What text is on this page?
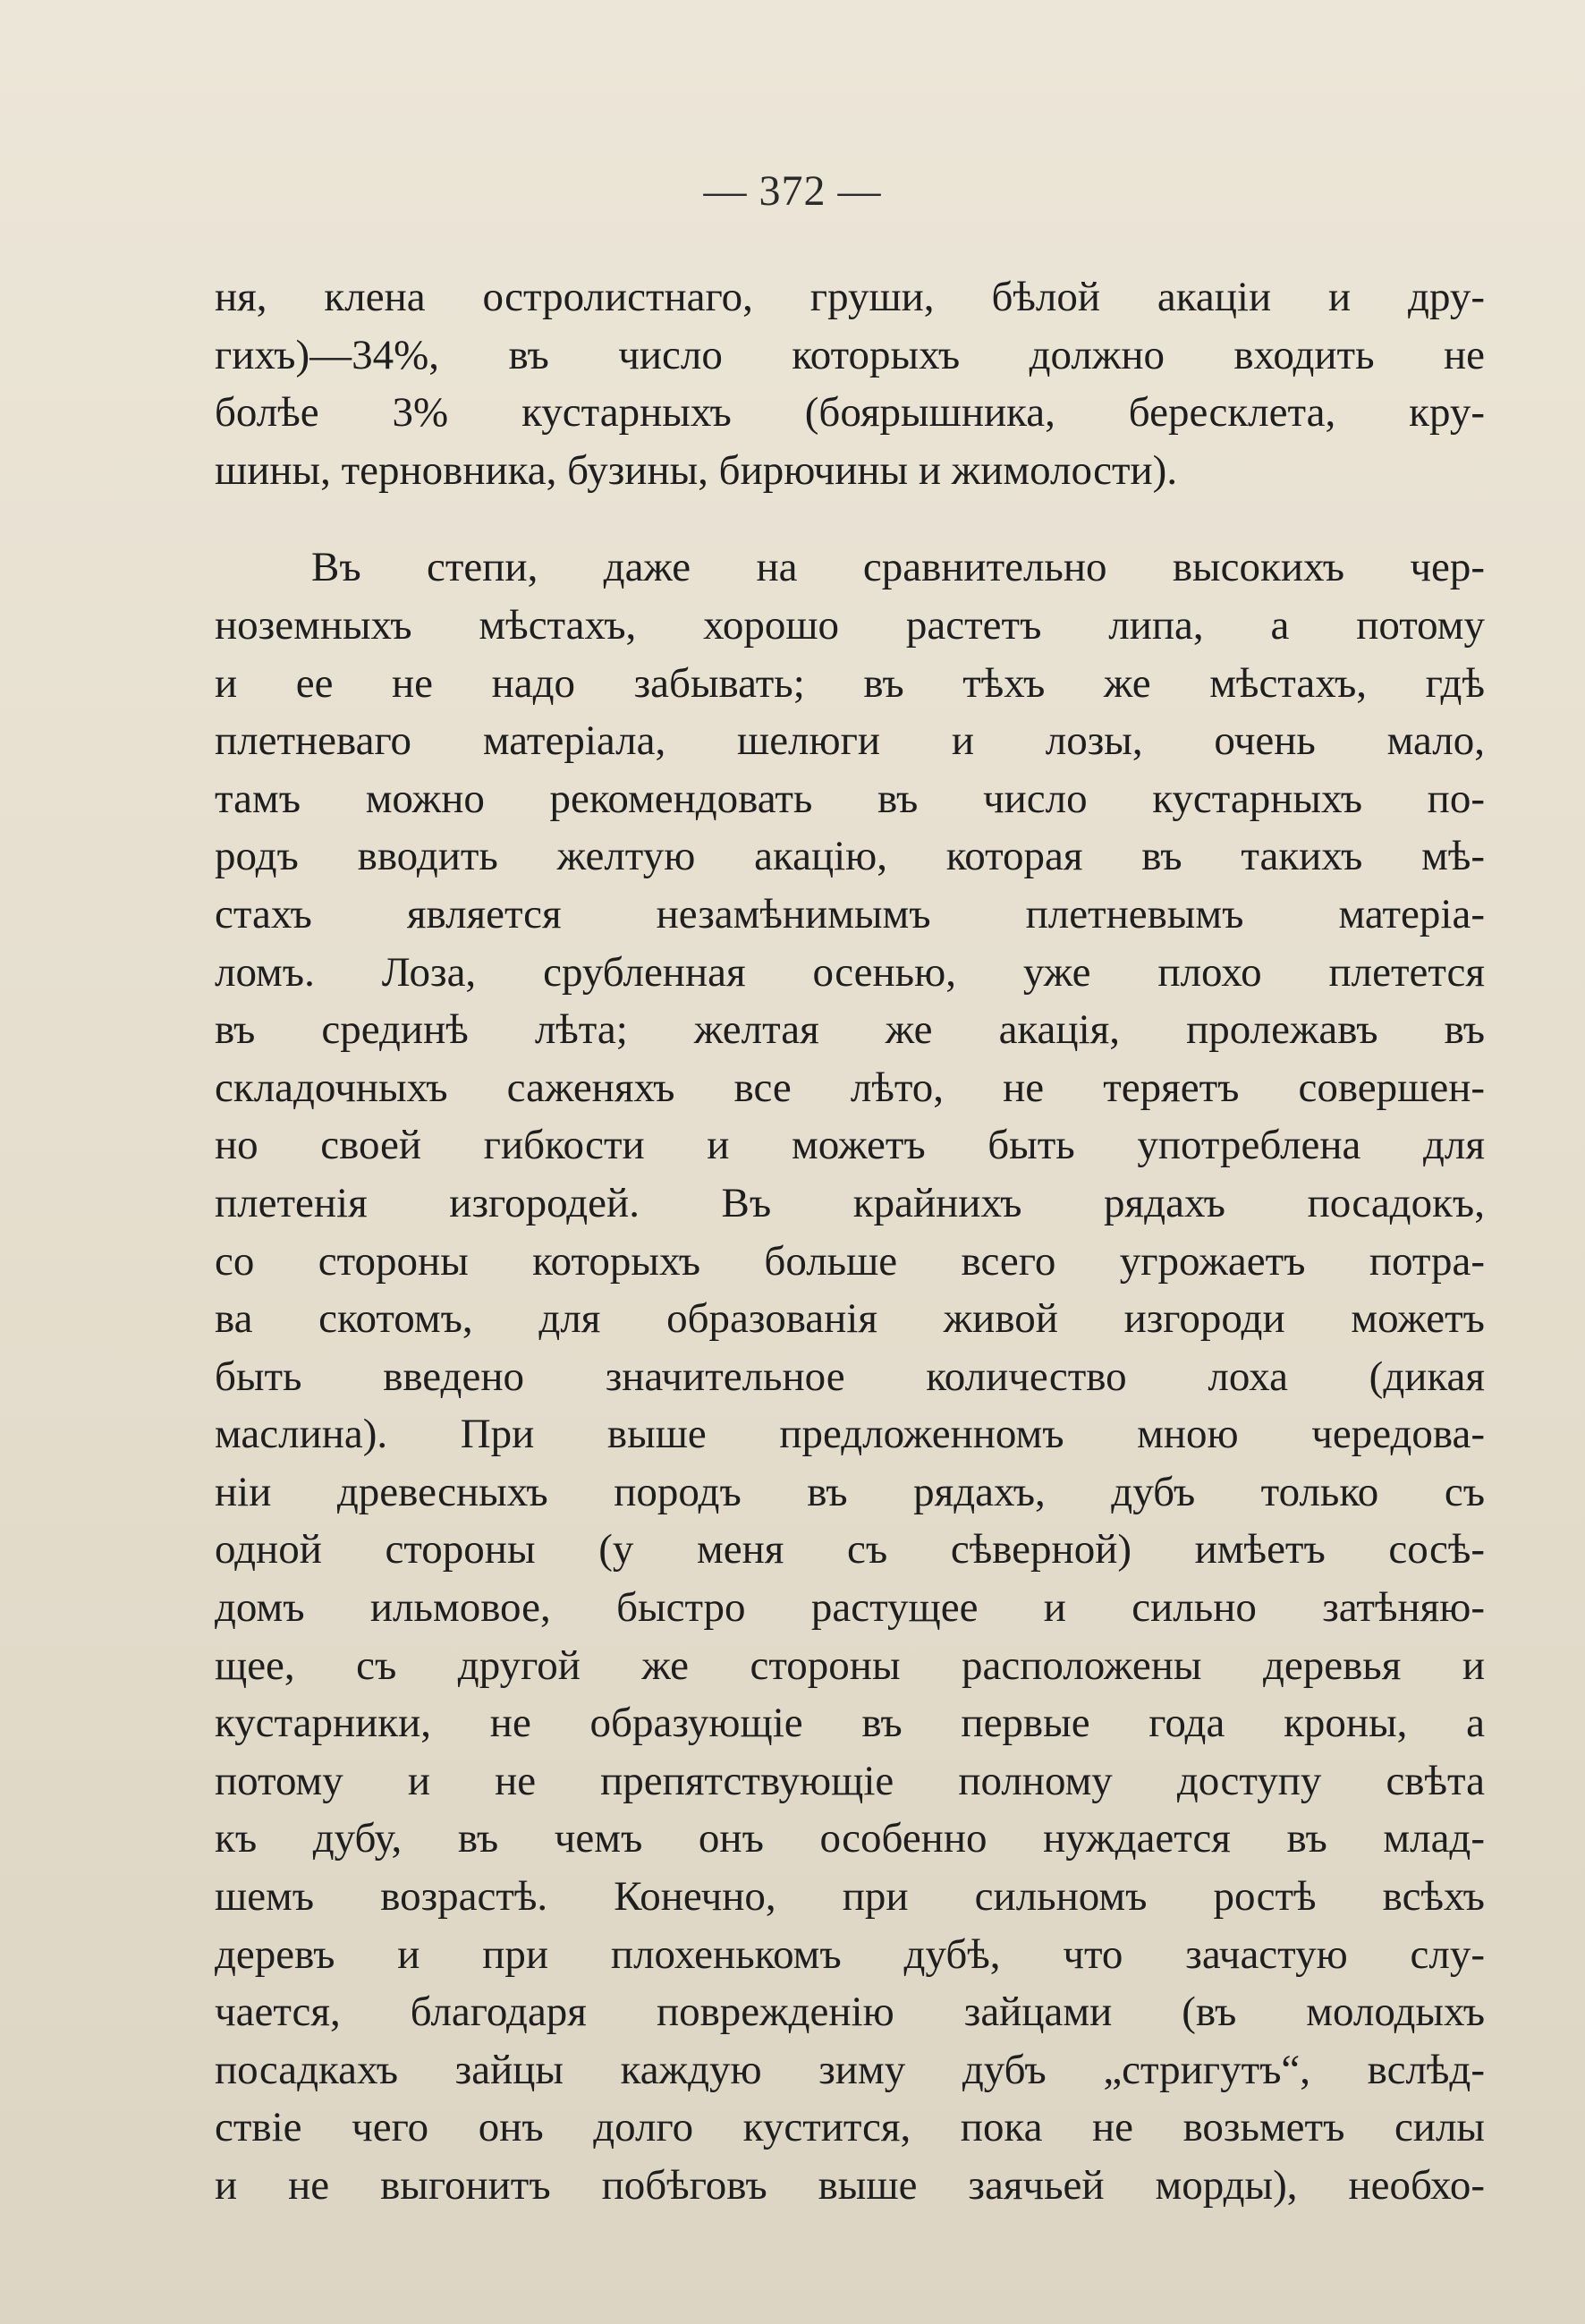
— 372 —
ня, клена остролистнаго, груши, бѣлой акаціи и дру-
гихъ)—34%, въ число которыхъ должно входить не
болѣе 3% кустарныхъ (боярышника, бересклета, кру-
шины, терновника, бузины, бирючины и жимолости).
Въ степи, даже на сравнительно высокихъ чер-
ноземныхъ мѣстахъ, хорошо растетъ липа, а потому
и ее не надо забывать; въ тѣхъ же мѣстахъ, гдѣ
плетневаго матеріала, шелюги и лозы, очень мало,
тамъ можно рекомендовать въ число кустарныхъ по-
родъ вводить желтую акацію, которая въ такихъ мѣ-
стахъ является незамѣнимымъ плетневымъ матеріа-
ломъ. Лоза, срубленная осенью, уже плохо плетется
въ срединѣ лѣта; желтая же акація, пролежавъ въ
складочныхъ саженяхъ все лѣто, не теряетъ совершен-
но своей гибкости и можетъ быть употреблена для
плетенія изгородей. Въ крайнихъ рядахъ посадокъ,
со стороны которыхъ больше всего угрожаетъ потра-
ва скотомъ, для образованія живой изгороди можетъ
быть введено значительное количество лоха (дикая
маслина). При выше предложенномъ мною чередова-
ніи древесныхъ породъ въ рядахъ, дубъ только съ
одной стороны (у меня съ сѣверной) имѣетъ сосѣ-
домъ ильмовое, быстро растущее и сильно затѣняю-
щее, съ другой же стороны расположены деревья и
кустарники, не образующіе въ первые года кроны, а
потому и не препятствующіе полному доступу свѣта
къ дубу, въ чемъ онъ особенно нуждается въ млад-
шемъ возрастѣ. Конечно, при сильномъ ростѣ всѣхъ
деревъ и при плохенькомъ дубѣ, что зачастую слу-
чается, благодаря поврежденію зайцами (въ молодыхъ
посадкахъ зайцы каждую зиму дубъ „стригутъ“, вслѣд-
ствіе чего онъ долго кустится, пока не возьметъ силы
и не выгонитъ побѣговъ выше заячьей морды), необхо-
